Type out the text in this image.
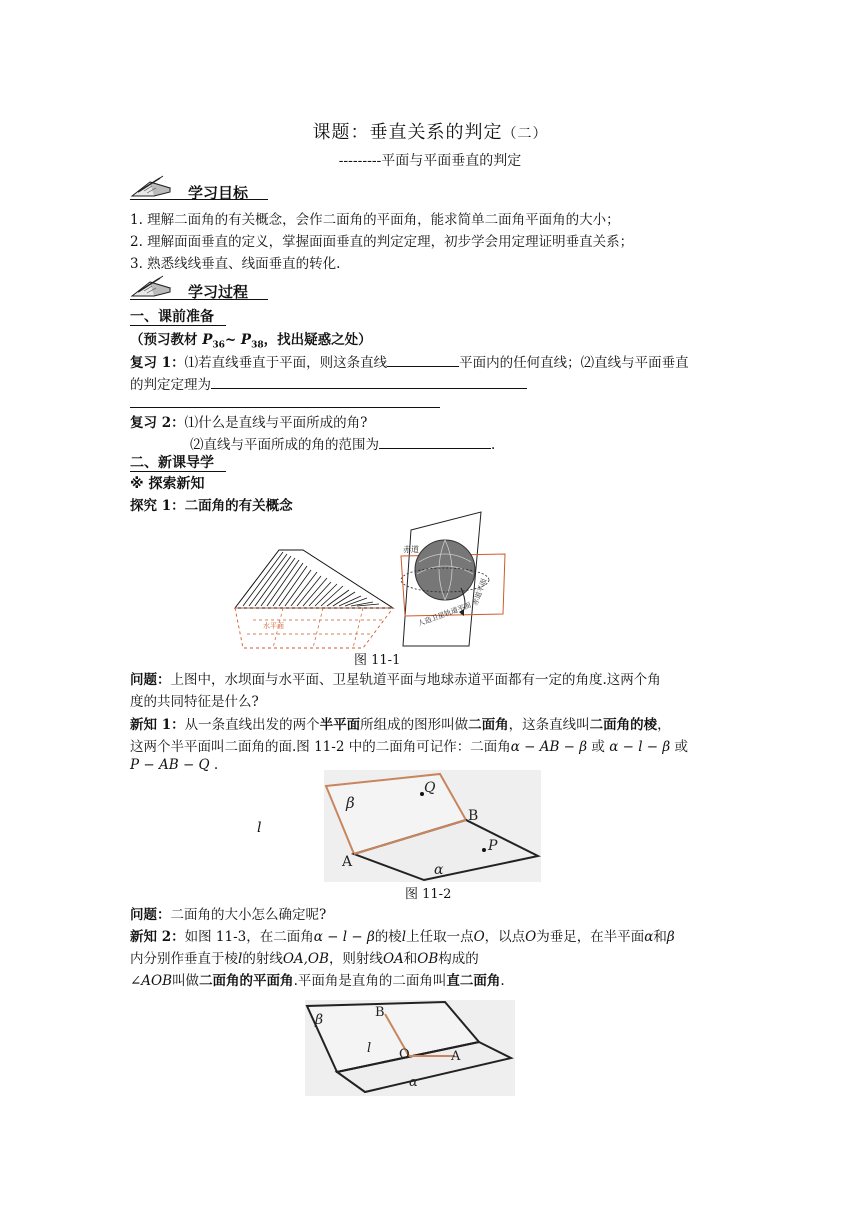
课题：垂直关系的判定（二）
---------平面与平面垂直的判定
学习目标
1. 理解二面角的有关概念，会作二面角的平面角，能求简单二面角平面角的大小；
2. 理解面面垂直的定义，掌握面面垂直的判定定理，初步学会用定理证明垂直关系；
3. 熟悉线线垂直、线面垂直的转化.
学习过程
一、课前准备
（预习教材 $P_{36}\sim$ $P_{38}$，找出疑惑之处）
复习 1：⑴若直线垂直于平面，则这条直线	平面内的任何直线；⑵直线与平面垂直
的判定定理为
复习 2：⑴什么是直线与平面所成的角?
⑵直线与平面所成的角的范围为	.
二、新课导学
※ 探索新知
探究 1：二面角的有关概念
水平面
赤道
赤道平面
人造卫星轨道平面
图 11-1
问题：上图中，水坝面与水平面、卫星轨道平面与地球赤道平面都有一定的角度.这两个角
度的共同特征是什么?
新知 1：从一条直线出发的两个半平面所组成的图形叫做二面角，这条直线叫二面角的棱，
这两个半平面叫二面角的面.图 11-2 中的二面角可记作：二面角α − AB − β 或 α − l − β 或
P − AB − Q .
l
β
Q
B
A
P
α
图 11-2
问题：二面角的大小怎么确定呢?
新知 2：如图 11-3，在二面角α − l − β的棱l上任取一点O，以点O为垂足，在半平面α和β
内分别作垂直于棱l的射线OA,OB，则射线OA和OB构成的
∠AOB叫做二面角的平面角.平面角是直角的二面角叫直二面角.
β	B
l O	A
α
